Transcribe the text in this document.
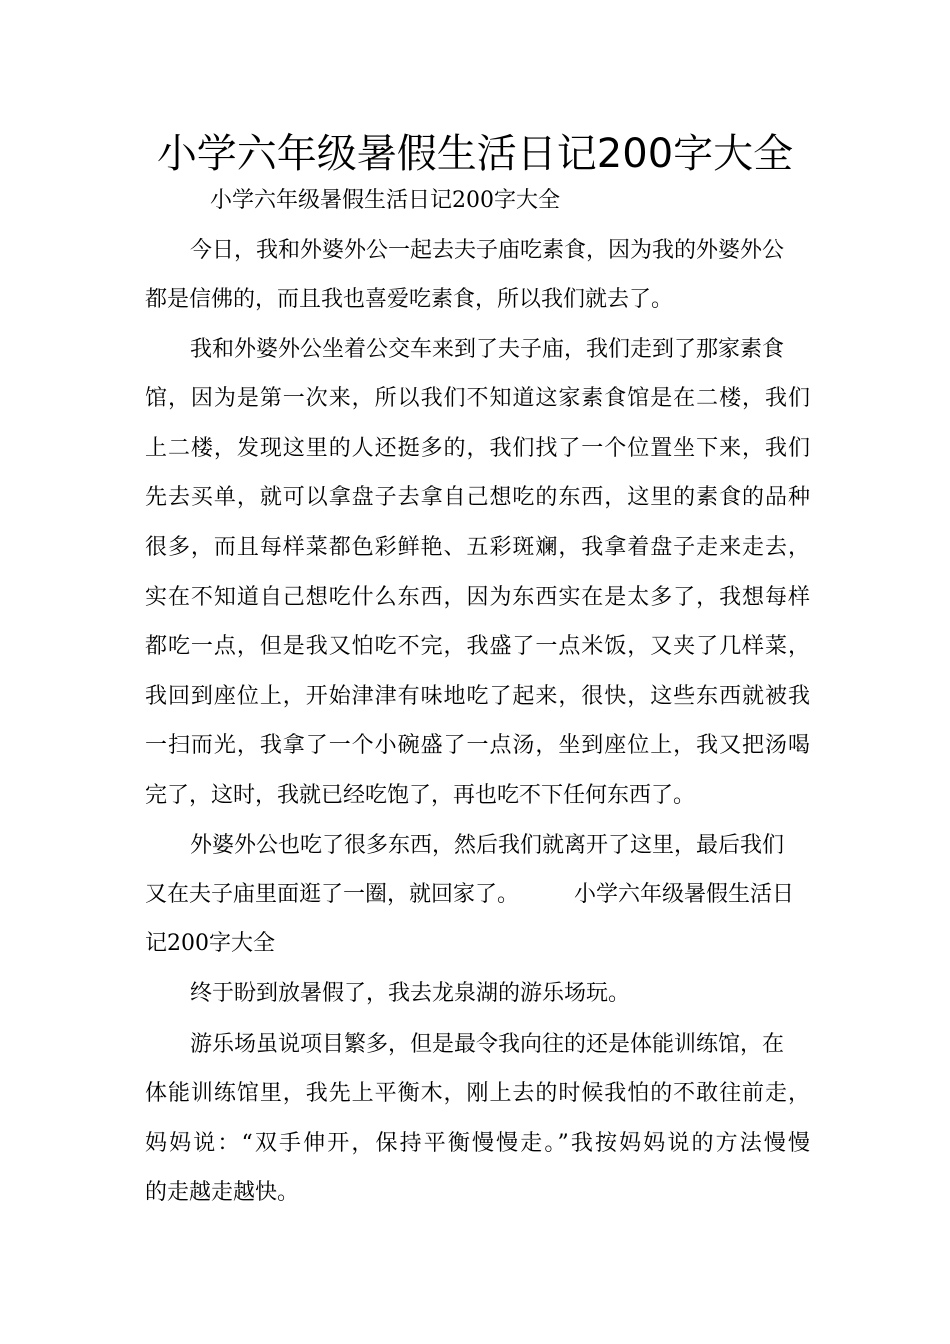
小学六年级暑假生活日记200字大全

小学六年级暑假生活日记200字大全

今日，我和外婆外公一起去夫子庙吃素食，因为我的外婆外公

都是信佛的，而且我也喜爱吃素食，所以我们就去了。

我和外婆外公坐着公交车来到了夫子庙，我们走到了那家素食

馆，因为是第一次来，所以我们不知道这家素食馆是在二楼，我们

上二楼，发现这里的人还挺多的，我们找了一个位置坐下来，我们

先去买单，就可以拿盘子去拿自己想吃的东西，这里的素食的品种

很多，而且每样菜都色彩鲜艳、五彩斑斓，我拿着盘子走来走去，

实在不知道自己想吃什么东西，因为东西实在是太多了，我想每样

都吃一点，但是我又怕吃不完，我盛了一点米饭，又夹了几样菜，

我回到座位上，开始津津有味地吃了起来，很快，这些东西就被我

一扫而光，我拿了一个小碗盛了一点汤，坐到座位上，我又把汤喝

完了，这时，我就已经吃饱了，再也吃不下任何东西了。

外婆外公也吃了很多东西，然后我们就离开了这里，最后我们

又在夫子庙里面逛了一圈，就回家了。　　　小学六年级暑假生活日

记200字大全

终于盼到放暑假了，我去龙泉湖的游乐场玩。

游乐场虽说项目繁多，但是最令我向往的还是体能训练馆，在

体能训练馆里，我先上平衡木，刚上去的时候我怕的不敢往前走，

妈妈说：“双手伸开，保持平衡慢慢走。”我按妈妈说的方法慢慢

的走越走越快。
